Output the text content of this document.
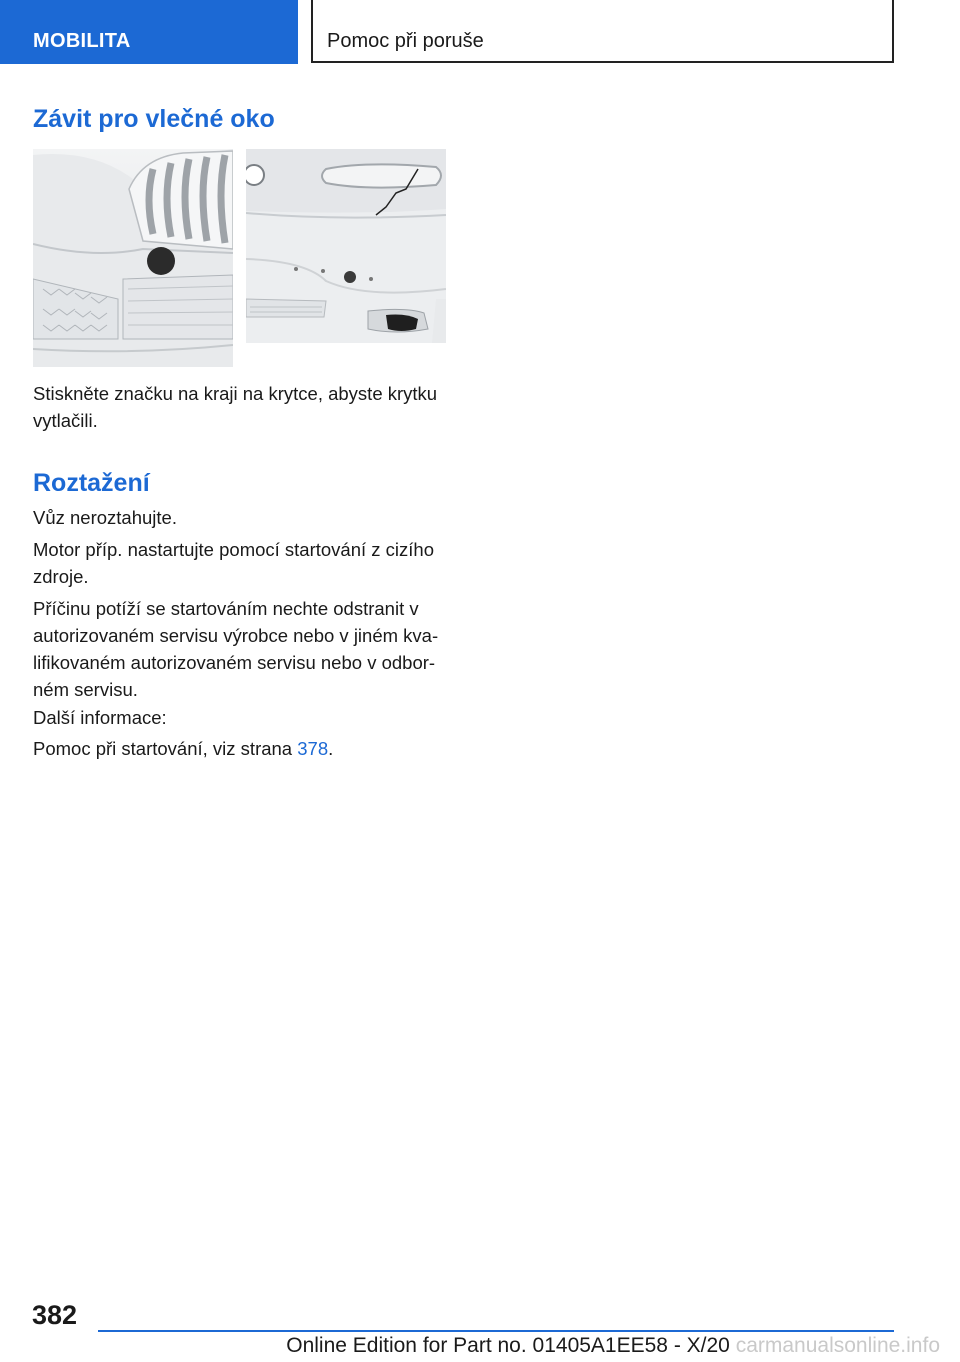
MOBILITA	Pomoc při poruše
Závit pro vlečné oko

Stiskněte značku na kraji na krytce, abyste krytku vytlačili.

Roztažení

Vůz neroztahujte.

Motor příp. nastartujte pomocí startování z cizího zdroje.

Příčinu potíží se startováním nechte odstranit v autorizovaném servisu výrobce nebo v jiném kvalifikovaném autorizovaném servisu nebo v odborném servisu.

Další informace:

Pomoc při startování, viz strana 378.

382
Online Edition for Part no. 01405A1EE58 - X/20 carmanualsonline.info
